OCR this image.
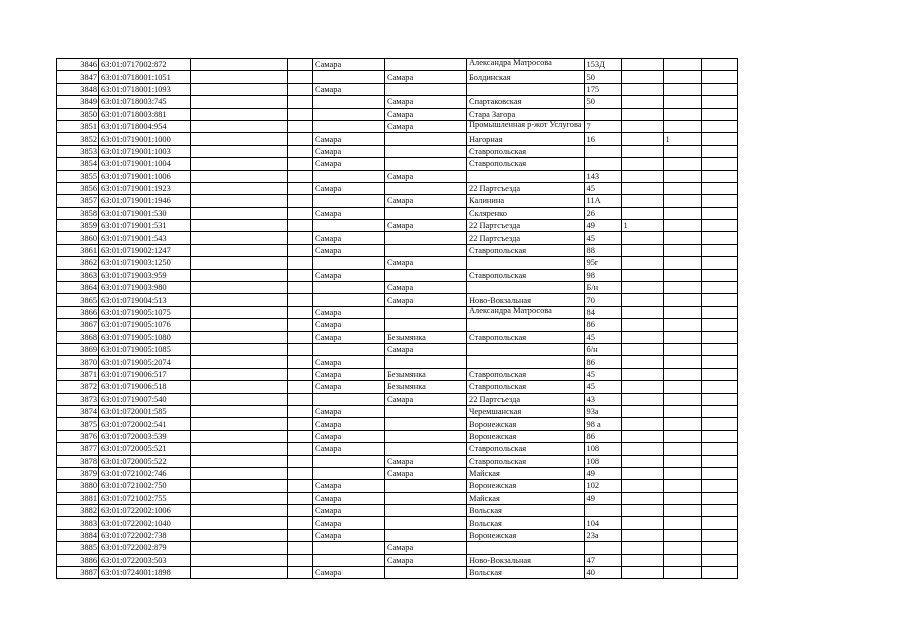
3846	63:01:0717002:872			Самара		Александра Матросова	153Д			
3847	63:01:0718001:1051				Самара	Болдинская	50			
3848	63:01:0718001:1093			Самара			175			
3849	63:01:0718003:745				Самара	Спартаковская	50			
3850	63:01:0718003:881				Самара	Стара Загора				
3851	63:01:0718004:954				Самара	Промышленная р-жот Услугова	7			
3852	63:01:0719001:1000			Самара		Нагорная	16		1	
3853	63:01:0719001:1003			Самара		Ставропольская				
3854	63:01:0719001:1004			Самара		Ставропольская				
3855	63:01:0719001:1006				Самара		143			
3856	63:01:0719001:1923			Самара		22 Партсъезда	45			
3857	63:01:0719001:1946				Самара	Калинина	11А			
3858	63:01:0719001:530			Самара		Скляренко	26			
3859	63:01:0719001:531				Самара	22 Партсъезда	49	1		
3860	63:01:0719001:543			Самара		22 Партсъезда	45			
3861	63:01:0719002:1247			Самара		Ставропольская	88			
3862	63:01:0719003:1250				Самара		95г			
3863	63:01:0719003:959			Самара		Ставропольская	98			
3864	63:01:0719003:980				Самара		Б/н			
3865	63:01:0719004:513				Самара	Ново-Вокзальная	70			
3866	63:01:0719005:1075			Самара		Александра Матросова	84			
3867	63:01:0719005:1076			Самара			86			
3868	63:01:0719005:1080			Самара	Безымянка	Ставропольская	45			
3869	63:01:0719005:1085				Самара		б/н			
3870	63:01:0719005:2074			Самара			86			
3871	63:01:0719006:517			Самара	Безымянка	Ставропольская	45			
3872	63:01:0719006:518			Самара	Безымянка	Ставропольская	45			
3873	63:01:0719007:540				Самара	22 Партсъезда	43			
3874	63:01:0720001:585			Самара		Черемшанская	93а			
3875	63:01:0720002:541			Самара		Воронежская	98 а			
3876	63:01:0720003:539			Самара		Воронежская	86			
3877	63:01:0720005:521			Самара		Ставропольская	108			
3878	63:01:0720005:522				Самара	Ставропольская	108			
3879	63:01:0721002:746				Самара	Майская	49			
3880	63:01:0721002:750			Самара		Воронежская	102			
3881	63:01:0721002:755			Самара		Майская	49			
3882	63:01:0722002:1006			Самара		Вольская				
3883	63:01:0722002:1040			Самара		Вольская	104			
3884	63:01:0722002:738			Самара		Воронежская	23а			
3885	63:01:0722002:879				Самара					
3886	63:01:0722003:503				Самара	Ново-Вокзальная	47			
3887	63:01:0724001:1898			Самара		Вольская	40			
